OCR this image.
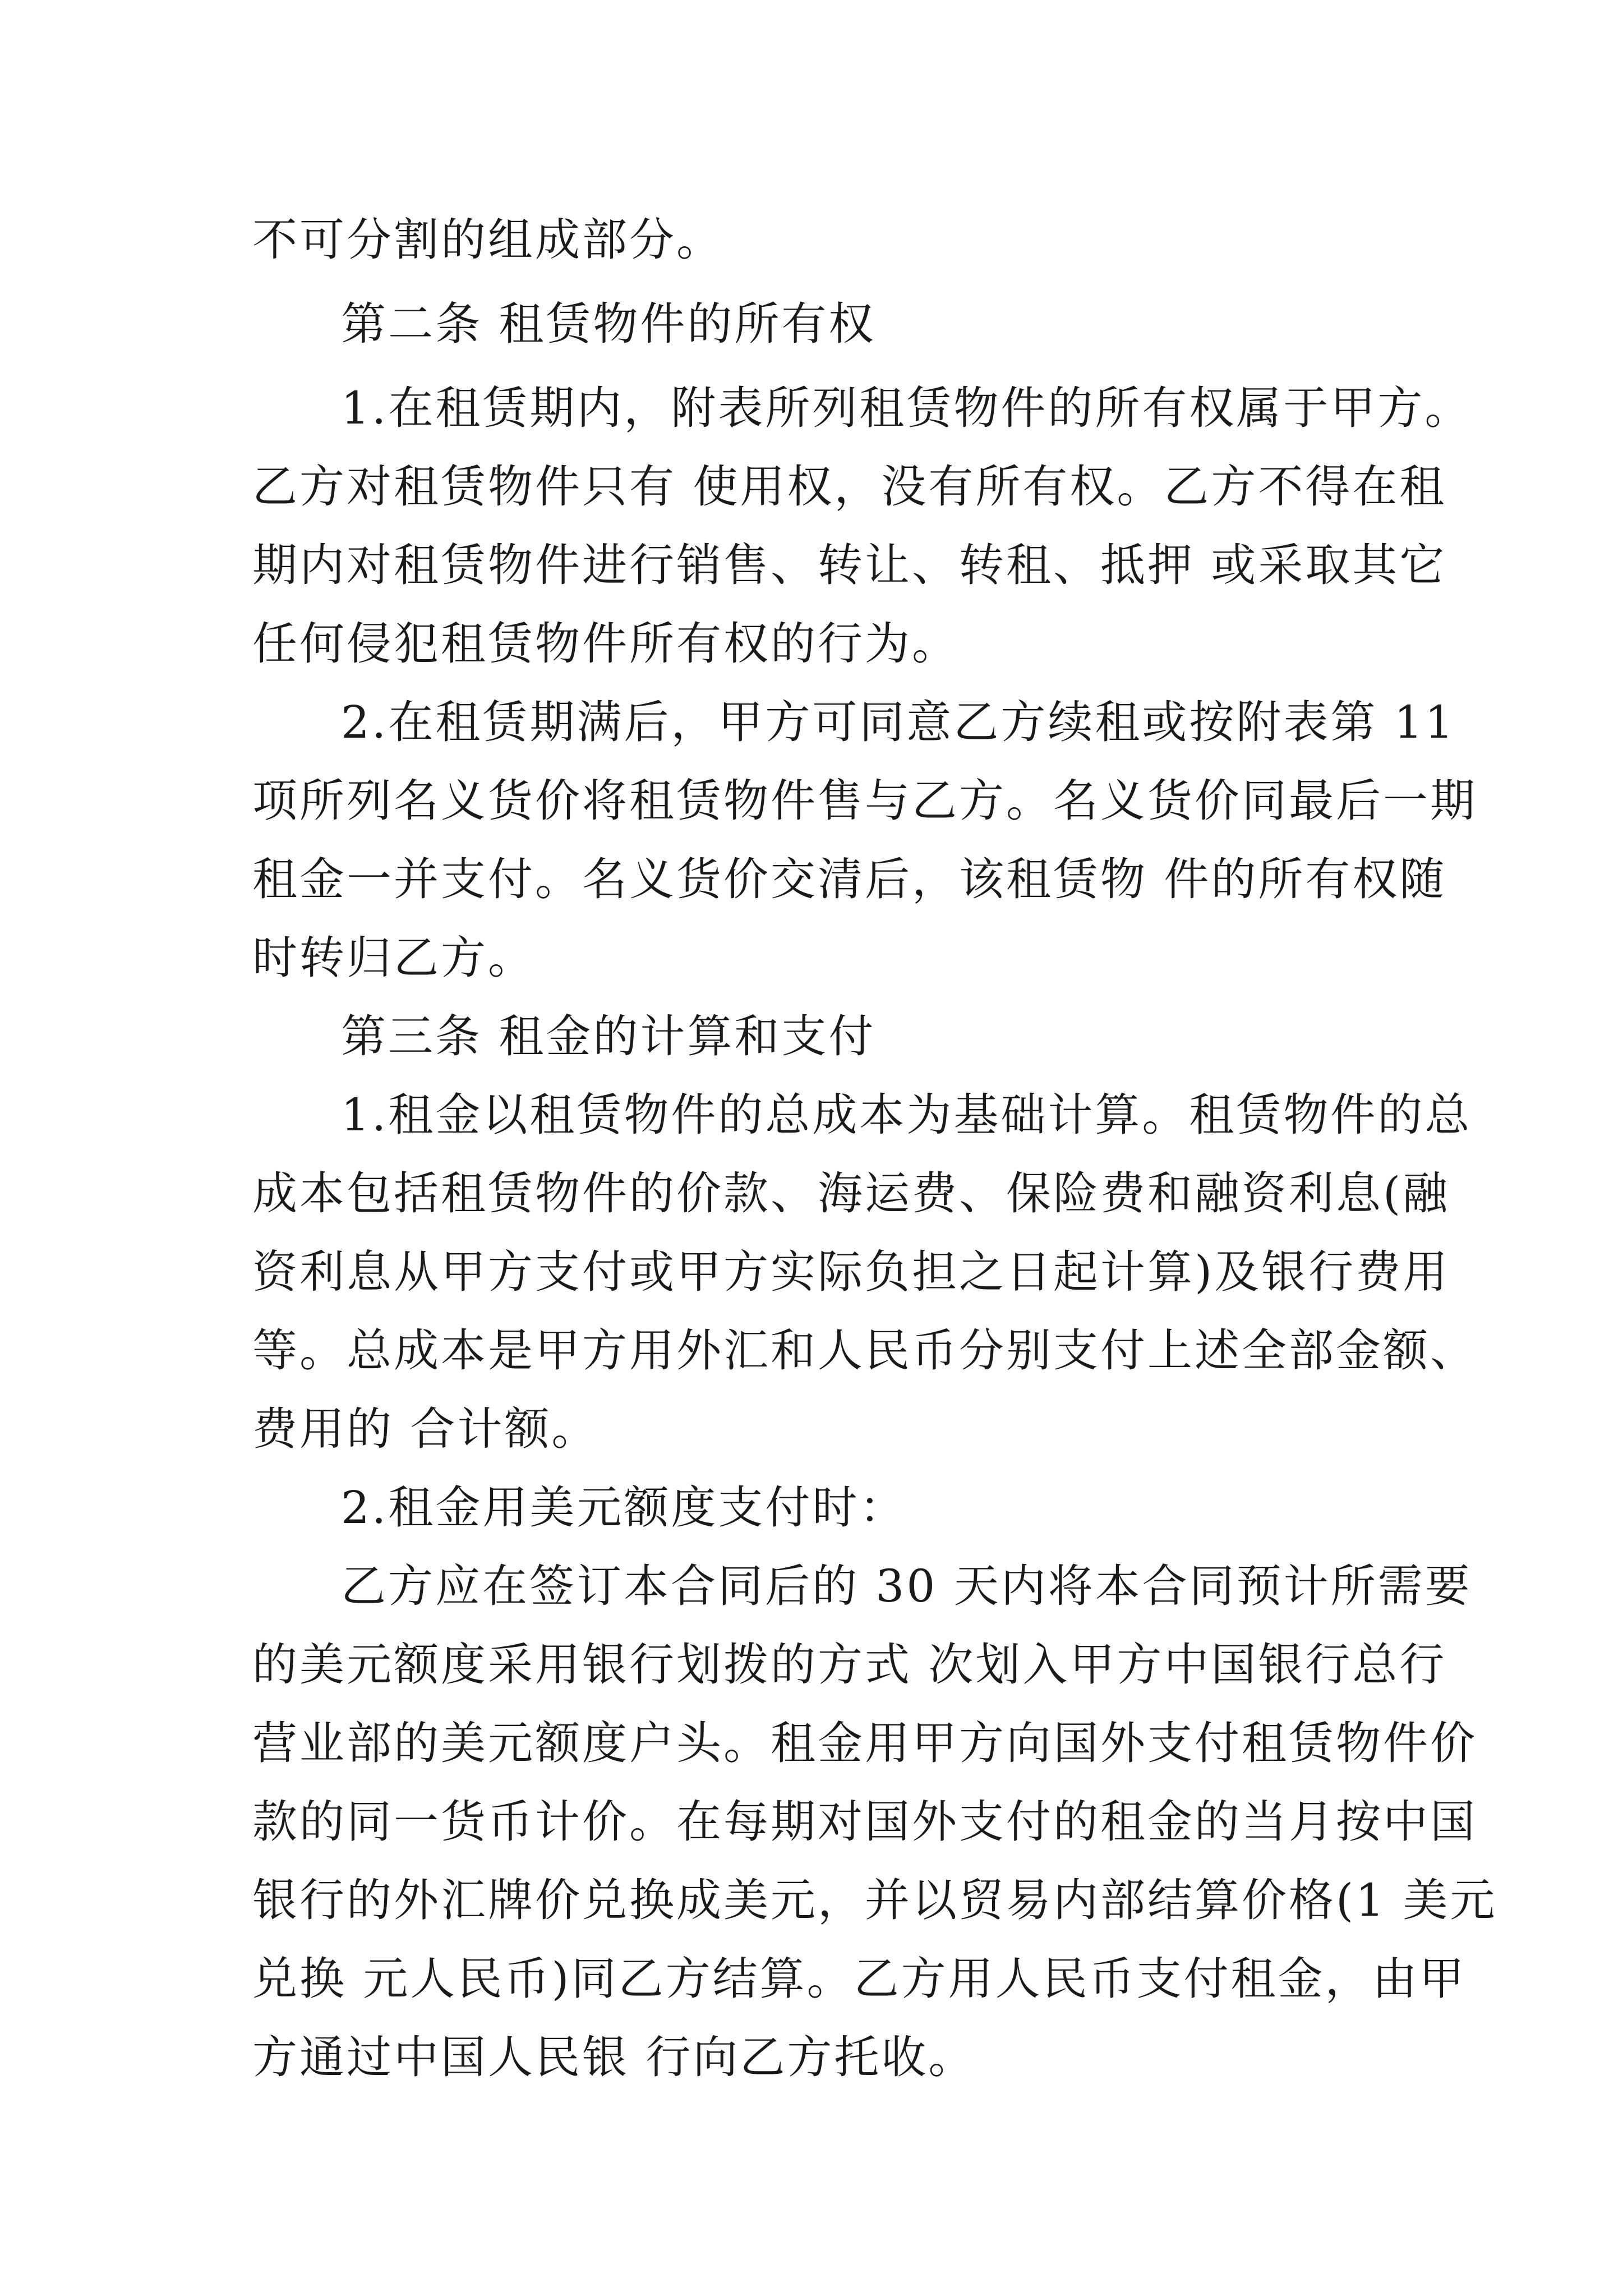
不可分割的组成部分。
第二条 租赁物件的所有权
1.在租赁期内，附表所列租赁物件的所有权属于甲方。
乙方对租赁物件只有 使用权，没有所有权。乙方不得在租
期内对租赁物件进行销售、转让、转租、抵押 或采取其它
任何侵犯租赁物件所有权的行为。
2.在租赁期满后，甲方可同意乙方续租或按附表第 11
项所列名义货价将租赁物件售与乙方。名义货价同最后一期
租金一并支付。名义货价交清后，该租赁物 件的所有权随
时转归乙方。
第三条 租金的计算和支付
1.租金以租赁物件的总成本为基础计算。租赁物件的总
成本包括租赁物件的价款、海运费、保险费和融资利息(融
资利息从甲方支付或甲方实际负担之日起计算)及银行费用
等。总成本是甲方用外汇和人民币分别支付上述全部金额、
费用的 合计额。
2.租金用美元额度支付时：
乙方应在签订本合同后的 30 天内将本合同预计所需要
的美元额度采用银行划拨的方式 次划入甲方中国银行总行
营业部的美元额度户头。租金用甲方向国外支付租赁物件价
款的同一货币计价。在每期对国外支付的租金的当月按中国
银行的外汇牌价兑换成美元，并以贸易内部结算价格(1 美元
兑换 元人民币)同乙方结算。乙方用人民币支付租金，由甲
方通过中国人民银 行向乙方托收。
